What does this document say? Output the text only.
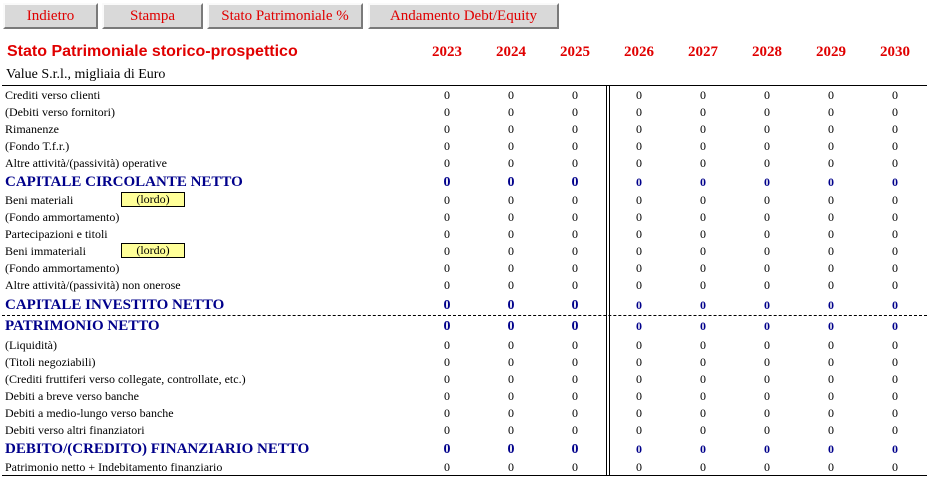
Indietro	Stampa	Stato Patrimoniale %	Andamento Debt/Equity
Stato Patrimoniale storico-prospettico
Value S.r.l., migliaia di Euro
2023	2024	2025	2026	2027	2028	2029	2030
Crediti verso clienti	0	0	0	0	0	0	0	0
(Debiti verso fornitori)	0	0	0	0	0	0	0	0
Rimanenze	0	0	0	0	0	0	0	0
(Fondo T.f.r.)	0	0	0	0	0	0	0	0
Altre attività/(passività) operative	0	0	0	0	0	0	0	0
CAPITALE CIRCOLANTE NETTO	0	0	0	0	0	0	0	0
Beni materiali	(lordo)	0	0	0	0	0	0	0	0
(Fondo ammortamento)	0	0	0	0	0	0	0	0
Partecipazioni e titoli	0	0	0	0	0	0	0	0
Beni immateriali	(lordo)	0	0	0	0	0	0	0	0
(Fondo ammortamento)	0	0	0	0	0	0	0	0
Altre attività/(passività) non onerose	0	0	0	0	0	0	0	0
CAPITALE INVESTITO NETTO	0	0	0	0	0	0	0	0
PATRIMONIO NETTO	0	0	0	0	0	0	0	0
(Liquidità)	0	0	0	0	0	0	0	0
(Titoli negoziabili)	0	0	0	0	0	0	0	0
(Crediti fruttiferi verso collegate, controllate, etc.)	0	0	0	0	0	0	0	0
Debiti a breve verso banche	0	0	0	0	0	0	0	0
Debiti a medio-lungo verso banche	0	0	0	0	0	0	0	0
Debiti verso altri finanziatori	0	0	0	0	0	0	0	0
DEBITO/(CREDITO) FINANZIARIO NETTO	0	0	0	0	0	0	0	0
Patrimonio netto + Indebitamento finanziario	0	0	0	0	0	0	0	0
